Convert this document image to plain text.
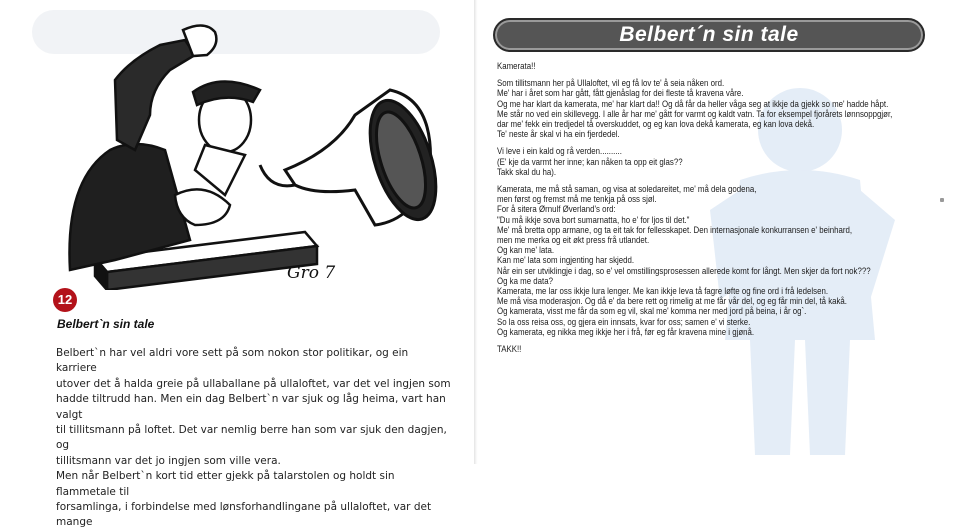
Gro 7
12
Belbert`n sin tale

Belbert`n har vel aldri vore sett på som nokon stor politikar, og ein karriere

utover det å halda greie på ullaballane på ullaloftet, var det vel ingjen som

hadde tiltrudd han. Men ein dag Belbert`n var sjuk og låg heima, vart han valgt

til tillitsmann på loftet. Det var nemlig berre han som var sjuk den dagjen, og

tillitsmann var det jo ingjen som ville vera.

Men når Belbert`n kort tid etter gjekk på talarstolen og holdt sin flammetale til

forsamlinga, i forbindelse med lønsforhandlingane på ullaloftet, var det mange

Belbert´n sin tale
Kamerata!!
Som tillitsmann her på Ullaloftet, vil eg få lov te' å seia nåken ord.
Me' har i året som har gått, fått gjenåslag for dei fleste tå kravena våre.
Og me har klart da kamerata, me' har klart da!! Og då får da heller våga seg at ikkje da gjekk so me' hadde håpt.
Me står no ved ein skillevegg. I alle år har me' gått for varmt og kaldt vatn. Ta for eksempel fjorårets lønnsoppgjør,
dar me' fekk ein tredjedel tå overskuddet, og eg kan lova dekå kamerata, eg kan lova dekå.
Te' neste år skal vi ha ein fjerdedel.
Vi leve i ein kald og rå verden..........
(E' kje da varmt her inne; kan nåken ta opp eit glas??
Takk skal du ha).
Kamerata, me må stå saman, og visa at soledareitet, me' må dela godena,
men først og fremst må me tenkja på oss sjøl.
For å sitera Ørnulf Øverland's ord:
"Du må ikkje sova bort sumarnatta, ho e' for ljos til det."
Me' må bretta opp armane, og ta eit tak for fellesskapet. Den internasjonale konkurransen e' beinhard,
men me merka og eit økt press frå utlandet.
Og kan me' lata.
Kan me' lata som ingjenting har skjedd.
Når ein ser utviklingje i dag, so e' vel omstillingsprosessen allerede komt for långt. Men skjer da fort nok???
Og ka me data?
Kamerata, me lar oss ikkje lura lenger. Me kan ikkje leva tå fagre løfte og fine ord i frå ledelsen.
Me må visa moderasjon. Og då e' da bere rett og rimelig at me får vår del, og eg får min del, tå kakå.
Og kamerata, visst me får da som eg vil, skal me' komma ner med jord på beina, i år og`.
So la oss reisa oss, og gjera ein innsats, kvar for oss; samen e' vi sterke.
Og kamerata, eg nikka meg ikkje her i frå, før eg får kravena mine i gjønå.
TAKK!!
